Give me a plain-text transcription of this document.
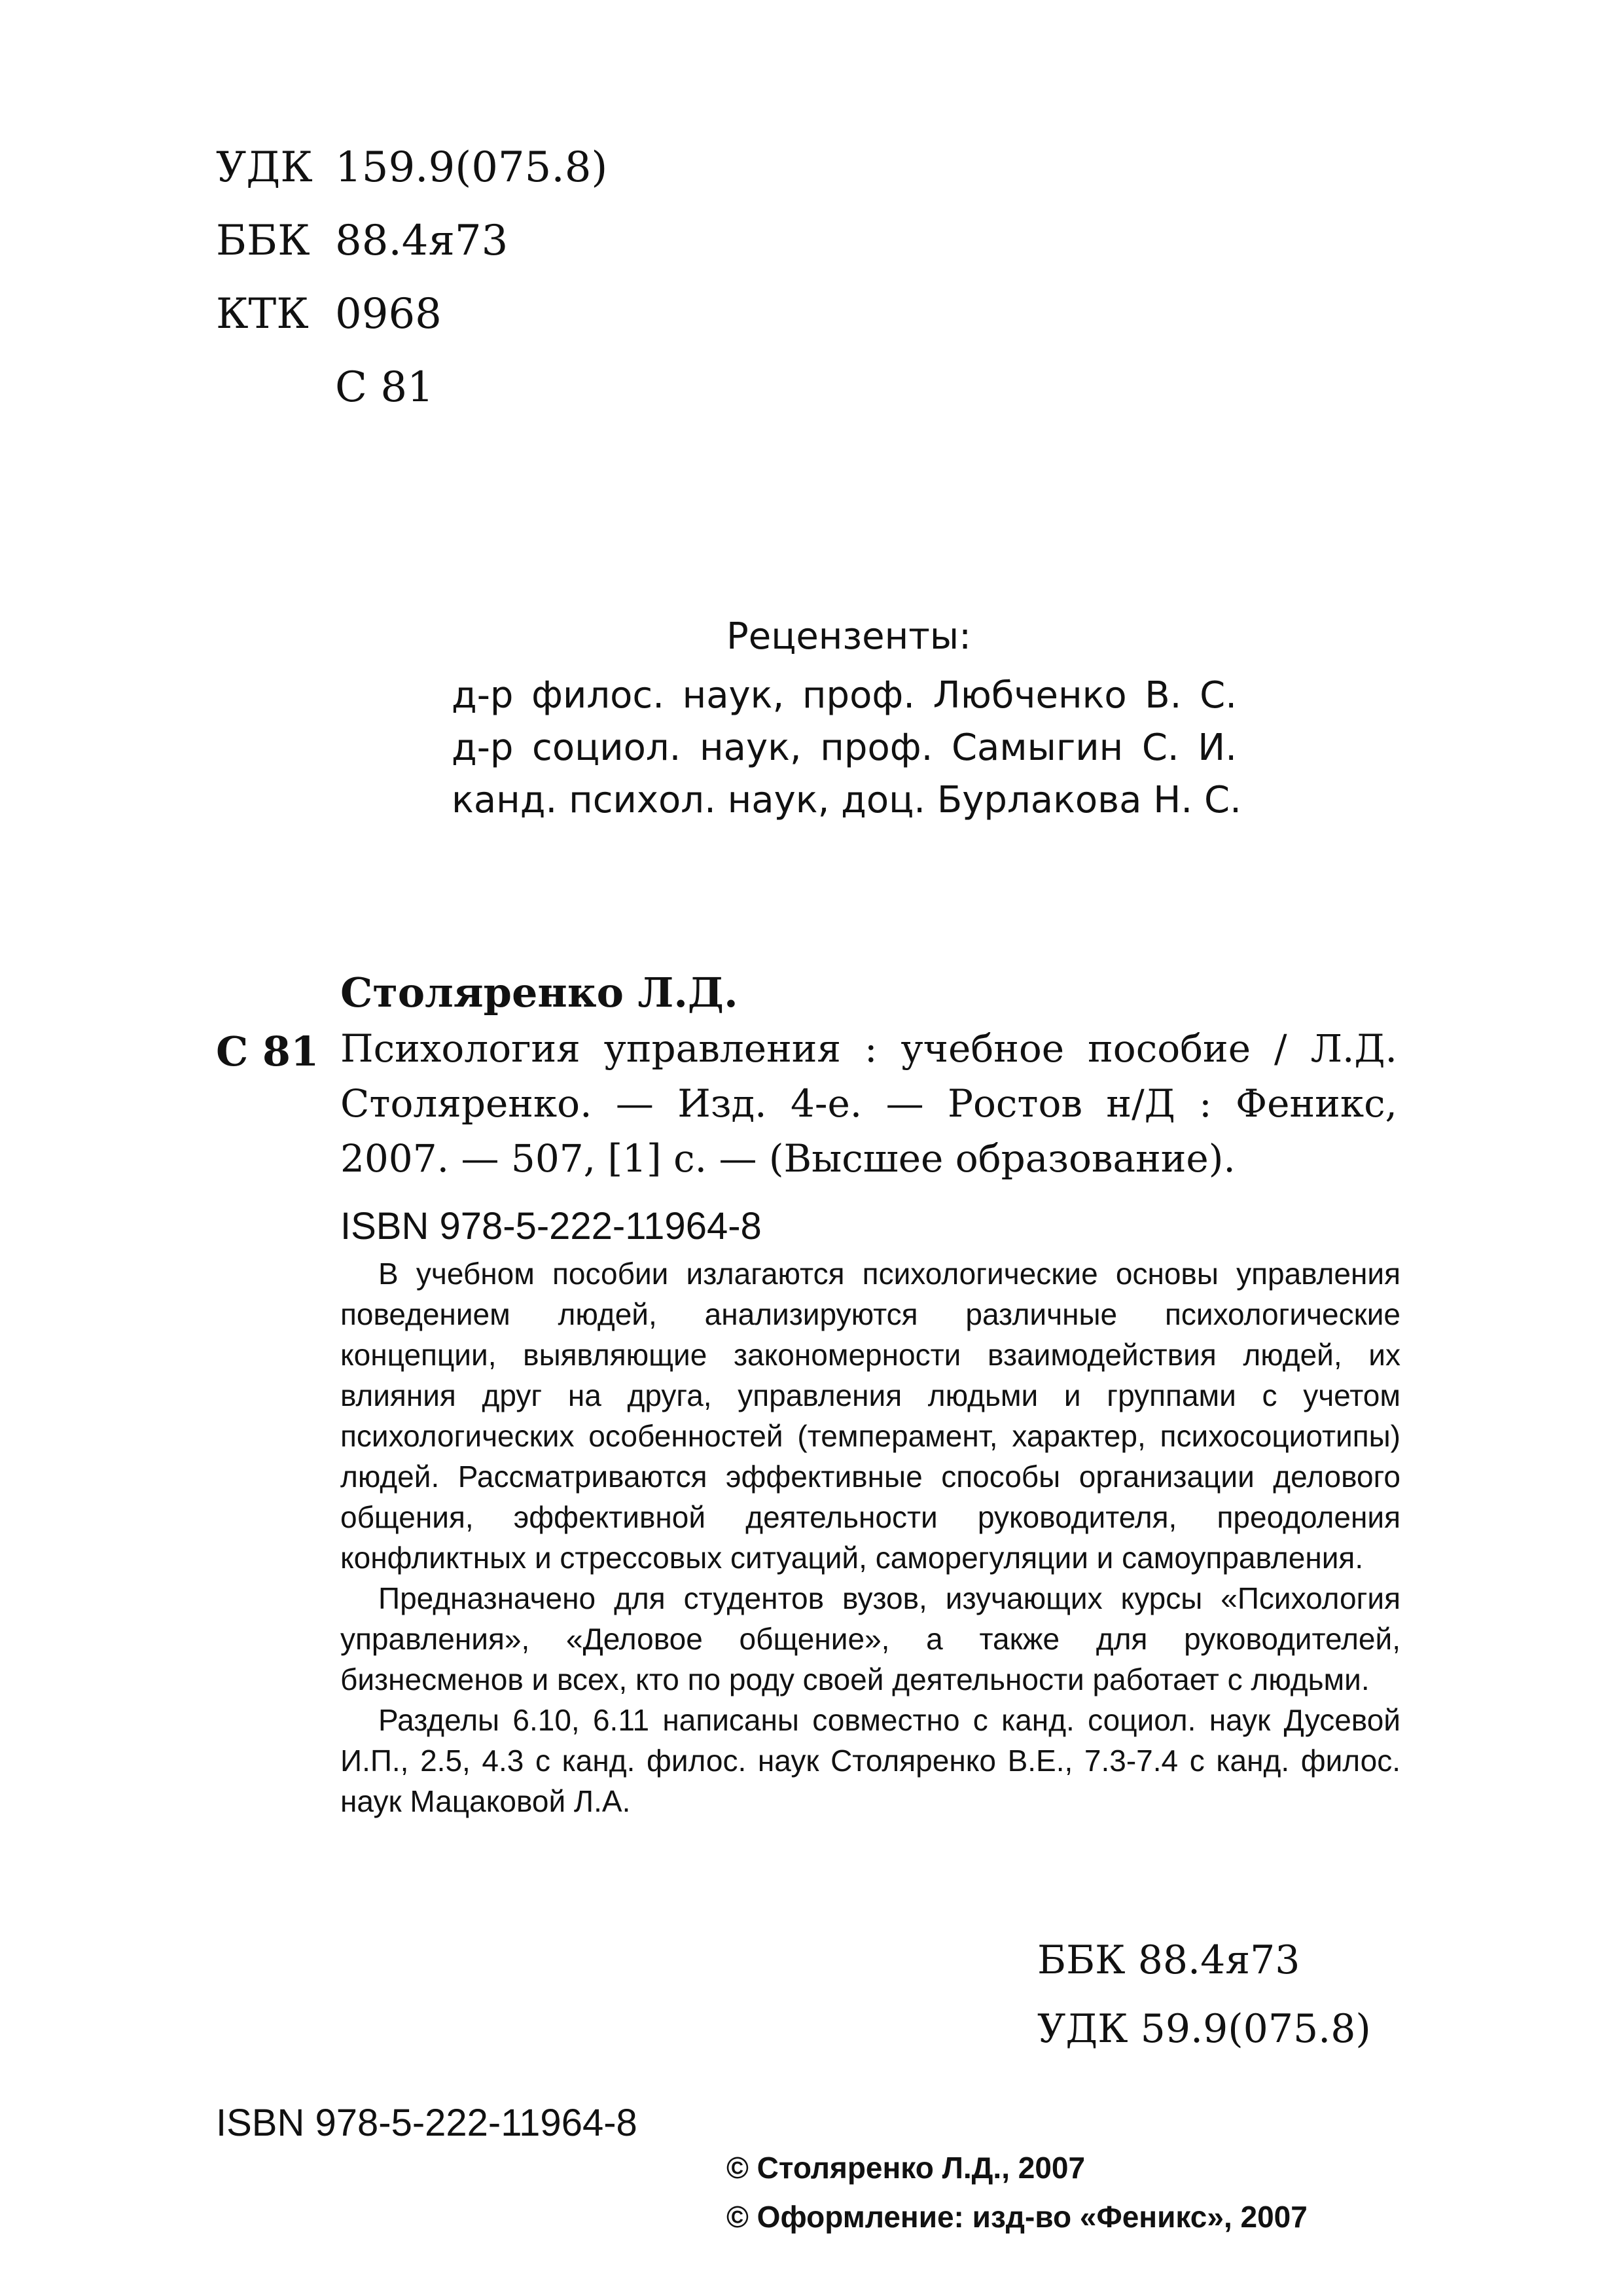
УДК 159.9(075.8)
ББК 88.4я73
КТК 0968
С 81
Рецензенты:
д-р филос. наук, проф. Любченко В. С.
д-р социол. наук, проф. Самыгин С. И.
канд. психол. наук, доц. Бурлакова Н. С.
Столяренко Л.Д.
С 81 Психология управления : учебное пособие / Л.Д. Столяренко. — Изд. 4-е. — Ростов н/Д : Феникс, 2007. — 507, [1] с. — (Высшее образование).
ISBN 978-5-222-11964-8

В учебном пособии излагаются психологические основы управления поведением людей, анализируются различные психологические концепции, выявляющие закономерности взаимодействия людей, их влияния друг на друга, управления людьми и группами с учетом психологических особенностей (темперамент, характер, психосоциотипы) людей. Рассматриваются эффективные способы организации делового общения, эффективной деятельности руководителя, преодоления конфликтных и стрессовых ситуаций, саморегуляции и самоуправления.

Предназначено для студентов вузов, изучающих курсы «Психология управления», «Деловое общение», а также для руководителей, бизнесменов и всех, кто по роду своей деятельности работает с людьми.

Разделы 6.10, 6.11 написаны совместно с канд. социол. наук Дусевой И.П., 2.5, 4.3 с канд. филос. наук Столяренко В.Е., 7.3-7.4 с канд. филос. наук Мацаковой Л.А.

ББК 88.4я73
УДК 59.9(075.8)
ISBN 978-5-222-11964-8
© Столяренко Л.Д., 2007
© Оформление: изд-во «Феникс», 2007
